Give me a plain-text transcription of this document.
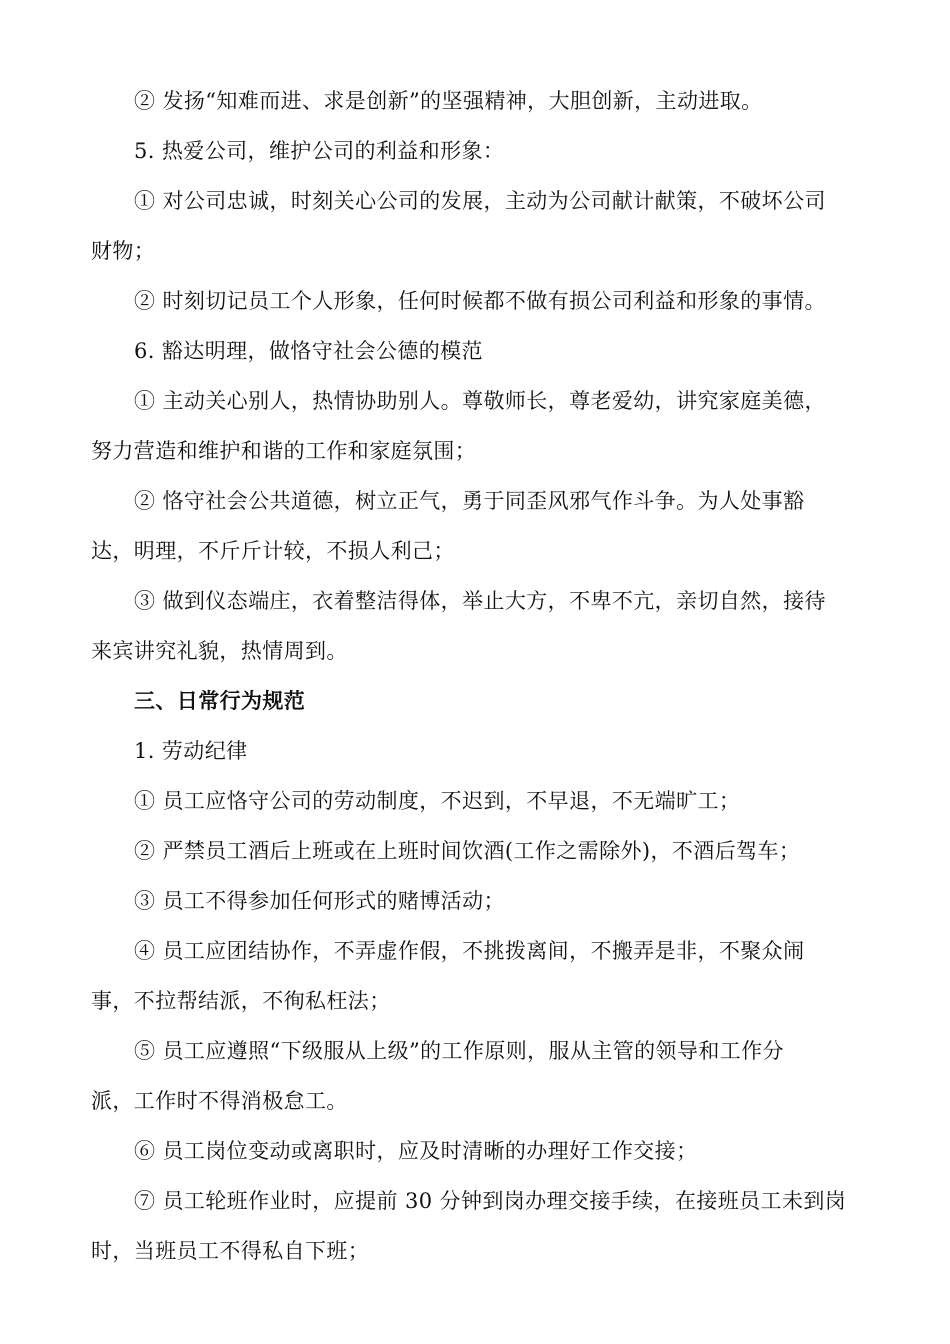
② 发扬“知难而进、求是创新”的坚强精神，大胆创新，主动进取。
5. 热爱公司，维护公司的利益和形象：
① 对公司忠诚，时刻关心公司的发展，主动为公司献计献策，不破坏公司
财物；
② 时刻切记员工个人形象，任何时候都不做有损公司利益和形象的事情。
6. 豁达明理，做恪守社会公德的模范
① 主动关心别人，热情协助别人。尊敬师长，尊老爱幼，讲究家庭美德，
努力营造和维护和谐的工作和家庭氛围；
② 恪守社会公共道德，树立正气，勇于同歪风邪气作斗争。为人处事豁
达，明理，不斤斤计较，不损人利己；
③ 做到仪态端庄，衣着整洁得体，举止大方，不卑不亢，亲切自然，接待
来宾讲究礼貌，热情周到。
三、日常行为规范
1. 劳动纪律
① 员工应恪守公司的劳动制度，不迟到，不早退，不无端旷工；
② 严禁员工酒后上班或在上班时间饮酒(工作之需除外)，不酒后驾车；
③ 员工不得参加任何形式的赌博活动；
④ 员工应团结协作，不弄虚作假，不挑拨离间，不搬弄是非，不聚众闹
事，不拉帮结派，不徇私枉法；
⑤ 员工应遵照“下级服从上级”的工作原则，服从主管的领导和工作分
派，工作时不得消极怠工。
⑥ 员工岗位变动或离职时，应及时清晰的办理好工作交接；
⑦ 员工轮班作业时，应提前 30 分钟到岗办理交接手续，在接班员工未到岗
时，当班员工不得私自下班；
